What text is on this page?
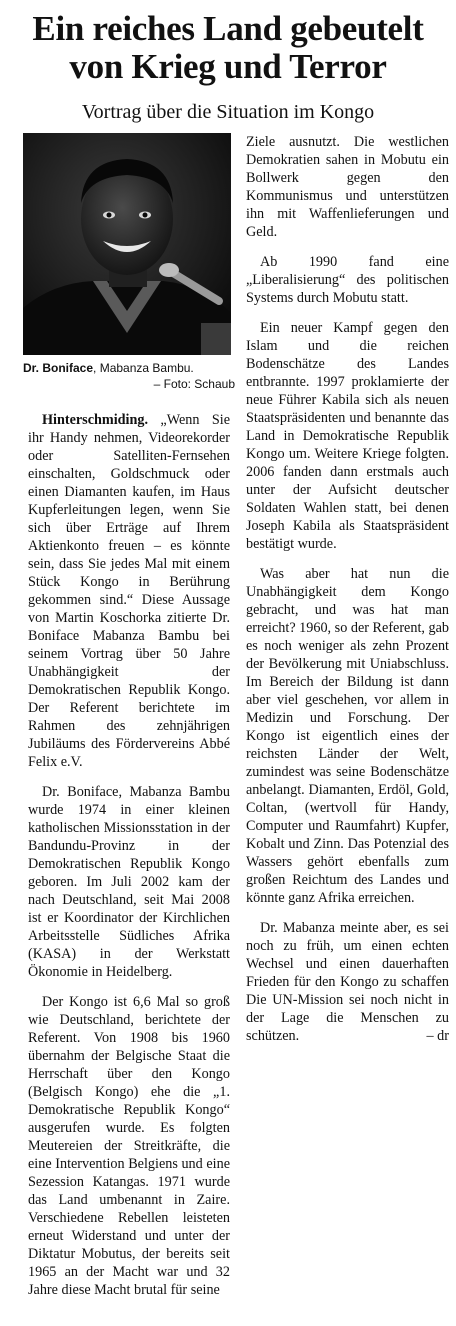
Ein reiches Land gebeutelt
von Krieg und Terror
Vortrag über die Situation im Kongo
Dr. Boniface, Mabanza Bambu.
– Foto: Schaub

Hinterschmiding. „Wenn Sie ihr Handy nehmen, Videorekorder oder Satelliten-Fernsehen einschalten, Goldschmuck oder einen Diamanten kaufen, im Haus Kupferleitungen legen, wenn Sie sich über Erträge auf Ihrem Aktienkonto freuen – es könnte sein, dass Sie jedes Mal mit einem Stück Kongo in Berührung gekommen sind.“ Diese Aussage von Martin Koschorka zitierte Dr. Boniface Mabanza Bambu bei seinem Vortrag über 50 Jahre Unabhängigkeit der Demokratischen Republik Kongo. Der Referent berichtete im Rahmen des zehnjährigen Jubiläums des Fördervereins Abbé Felix e.V.

Dr. Boniface, Mabanza Bambu wurde 1974 in einer kleinen katholischen Missionsstation in der Bandundu-Provinz in der Demokratischen Republik Kongo geboren. Im Juli 2002 kam der nach Deutschland, seit Mai 2008 ist er Koordinator der Kirchlichen Arbeitsstelle Südliches Afrika (KASA) in der Werkstatt Ökonomie in Heidelberg.

Der Kongo ist 6,6 Mal so groß wie Deutschland, berichtete der Referent. Von 1908 bis 1960 übernahm der Belgische Staat die Herrschaft über den Kongo (Belgisch Kongo) ehe die „1. Demokratische Republik Kongo“ ausgerufen wurde. Es folgten Meutereien der Streitkräfte, die eine Intervention Belgiens und eine Sezession Katangas. 1971 wurde das Land umbenannt in Zaire. Verschiedene Rebellen leisteten erneut Widerstand und unter der Diktatur Mobutus, der bereits seit 1965 an der Macht war und 32 Jahre diese Macht brutal für seine

Ziele ausnutzt. Die westlichen Demokratien sahen in Mobutu ein Bollwerk gegen den Kommunismus und unterstützen ihn mit Waffenlieferungen und Geld.

Ab 1990 fand eine „Liberalisierung“ des politischen Systems durch Mobutu statt.

Ein neuer Kampf gegen den Islam und die reichen Bodenschätze des Landes entbrannte. 1997 proklamierte der neue Führer Kabila sich als neuen Staatspräsidenten und benannte das Land in Demokratische Republik Kongo um. Weitere Kriege folgten. 2006 fanden dann erstmals auch unter der Aufsicht deutscher Soldaten Wahlen statt, bei denen Joseph Kabila als Staatspräsident bestätigt wurde.

Was aber hat nun die Unabhängigkeit dem Kongo gebracht, und was hat man erreicht? 1960, so der Referent, gab es noch weniger als zehn Prozent der Bevölkerung mit Uniabschluss. Im Bereich der Bildung ist dann aber viel geschehen, vor allem in Medizin und Forschung. Der Kongo ist eigentlich eines der reichsten Länder der Welt, zumindest was seine Bodenschätze anbelangt. Diamanten, Erdöl, Gold, Coltan, (wertvoll für Handy, Computer und Raumfahrt) Kupfer, Kobalt und Zinn. Das Potenzial des Wassers gehört ebenfalls zum großen Reichtum des Landes und könnte ganz Afrika erreichen.

Dr. Mabanza meinte aber, es sei noch zu früh, um einen echten Wechsel und einen dauerhaften Frieden für den Kongo zu schaffen Die UN-Mission sei noch nicht in der Lage die Menschen zu schützen.	– dr
